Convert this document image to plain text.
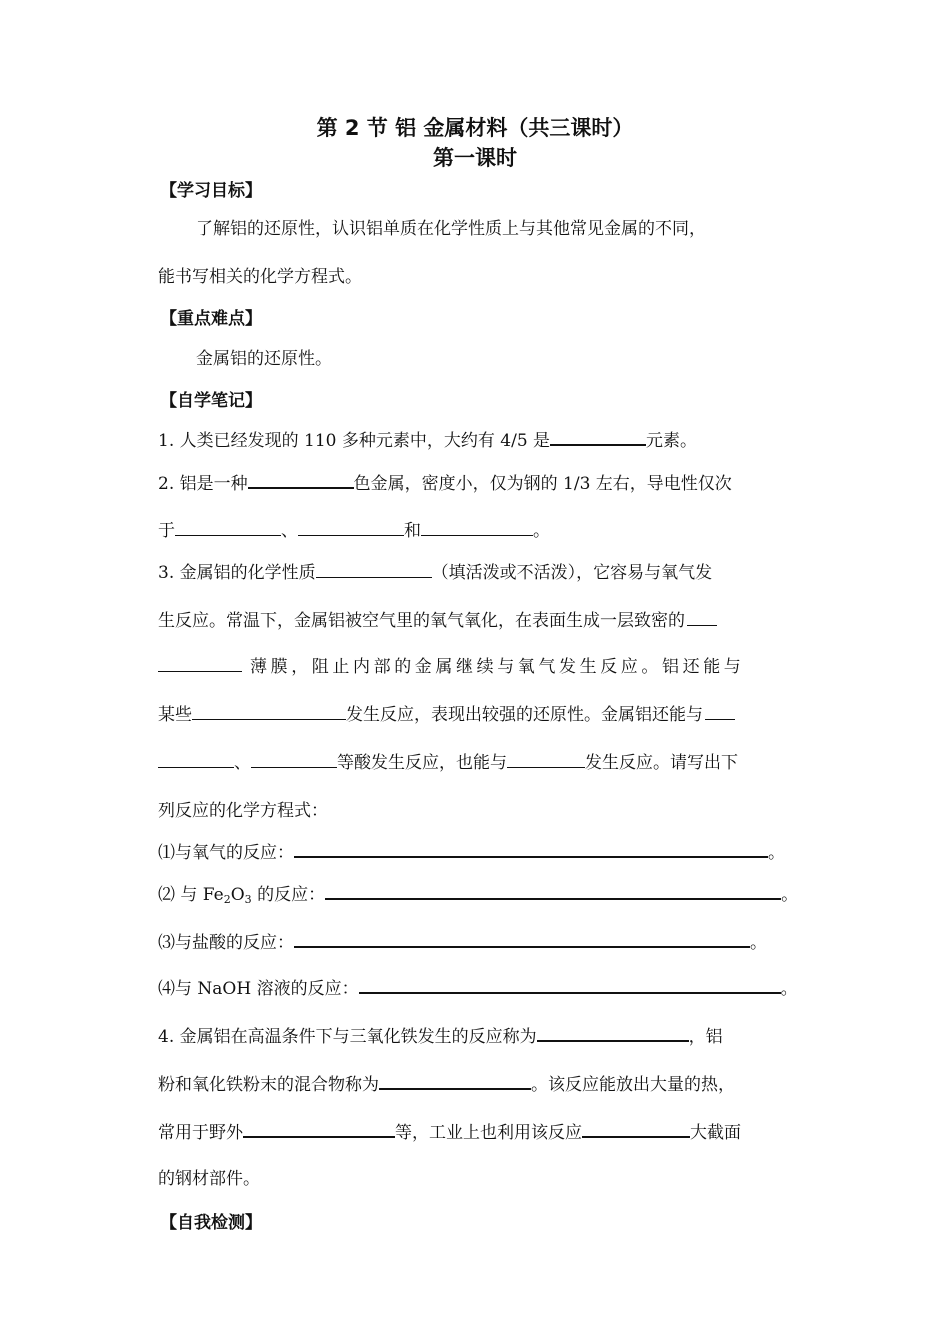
第 2 节 铝 金属材料（共三课时）
第一课时
【学习目标】
了解铝的还原性，认识铝单质在化学性质上与其他常见金属的不同，
能书写相关的化学方程式。
【重点难点】
金属铝的还原性。
【自学笔记】
1. 人类已经发现的 110 多种元素中，大约有 4/5 是	元素。
2. 铝是一种	色金属，密度小，仅为钢的 1/3 左右，导电性仅次
于	、	和	。
3. 金属铝的化学性质	（填活泼或不活泼），它容易与氧气发
生反应。常温下，金属铝被空气里的氧气氧化，在表面生成一层致密的
薄膜，阻止内部的金属继续与氧气发生反应。铝还能与
某些	发生反应，表现出较强的还原性。金属铝还能与
、	等酸发生反应，也能与	发生反应。请写出下
列反应的化学方程式：
⑴与氧气的反应：	。
⑵ 与 $Fe_2O_3$ 的反应：	。
⑶与盐酸的反应：	。
⑷与 NaOH 溶液的反应：	。
4. 金属铝在高温条件下与三氧化铁发生的反应称为	，铝
粉和氧化铁粉末的混合物称为	。该反应能放出大量的热，
常用于野外	等，工业上也利用该反应	大截面
的钢材部件。
【自我检测】
